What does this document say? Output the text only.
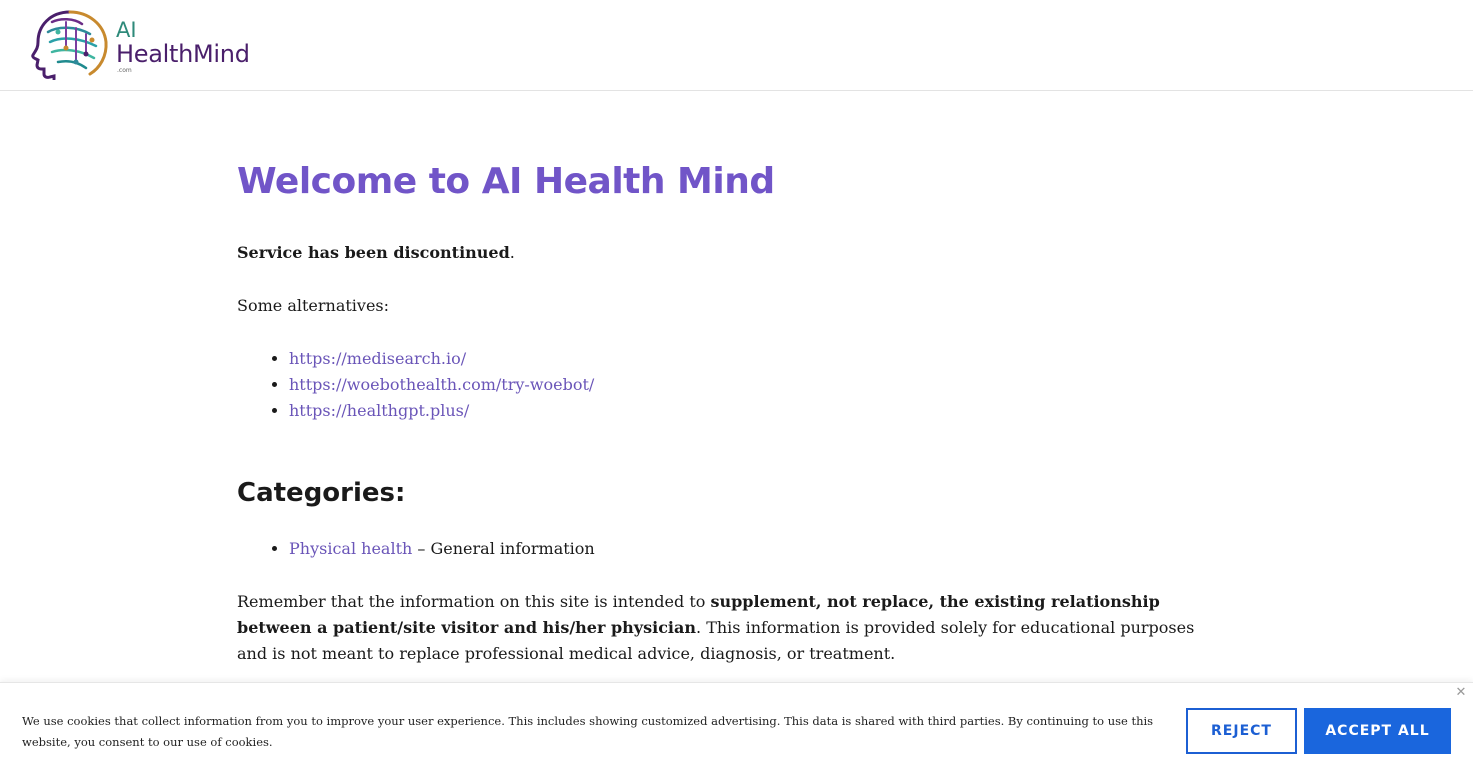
AI
HealthMind
.com
Welcome to AI Health Mind

Service has been discontinued.

Some alternatives:

• https://medisearch.io/
• https://woebothealth.com/try-woebot/
• https://healthgpt.plus/
Categories:
• Physical health – General information

Remember that the information on this site is intended to supplement, not replace, the existing relationship between a patient/site visitor and his/her physician. This information is provided solely for educational purposes and is not meant to replace professional medical advice, diagnosis, or treatment.

✕

We use cookies that collect information from you to improve your user experience. This includes showing customized advertising. This data is shared with third parties. By continuing to use this website, you consent to our use of cookies.

REJECT	ACCEPT ALL
